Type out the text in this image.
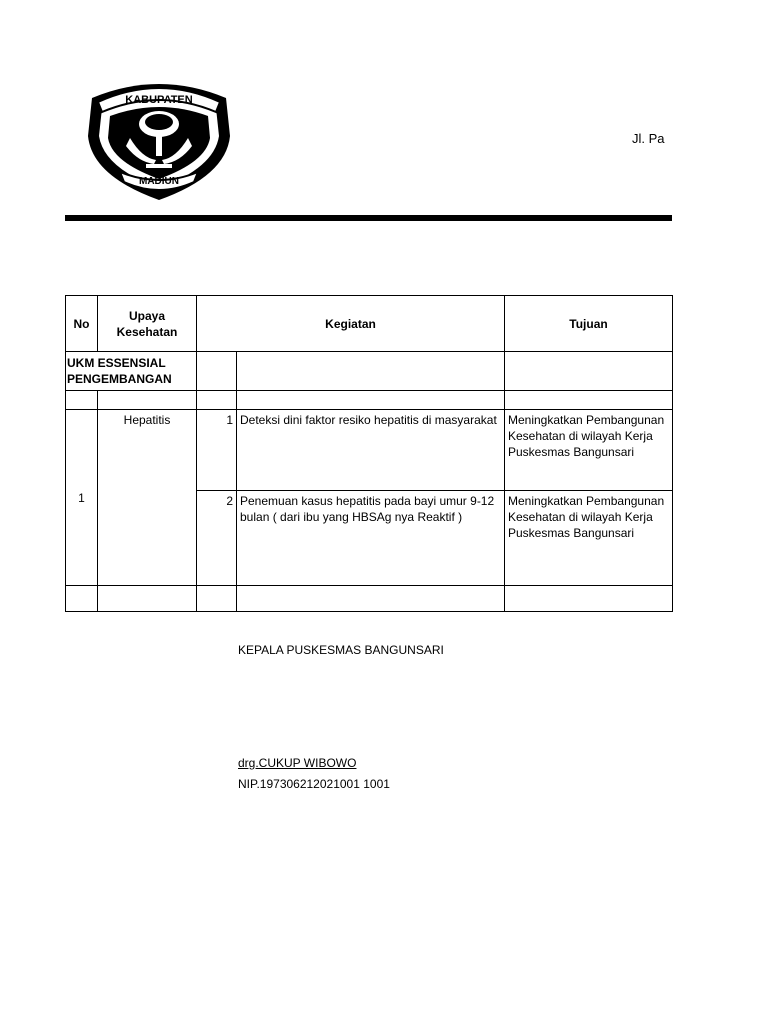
KABUPATEN
MADIUN
Jl. Pa
No	Upaya Kesehatan	Kegiatan		Tujuan
UKM ESSENSIAL PENGEMBANGAN				

1	Hepatitis	1	Deteksi dini faktor resiko hepatitis di masyarakat	Meningkatkan Pembangunan Kesehatan di wilayah Kerja Puskesmas Bangunsari
		2	Penemuan kasus hepatitis pada bayi umur 9-12 bulan ( dari ibu yang HBSAg nya Reaktif )	Meningkatkan Pembangunan Kesehatan di wilayah Kerja Puskesmas Bangunsari

KEPALA PUSKESMAS BANGUNSARI
drg.CUKUP WIBOWO
NIP.197306212021001 1001
